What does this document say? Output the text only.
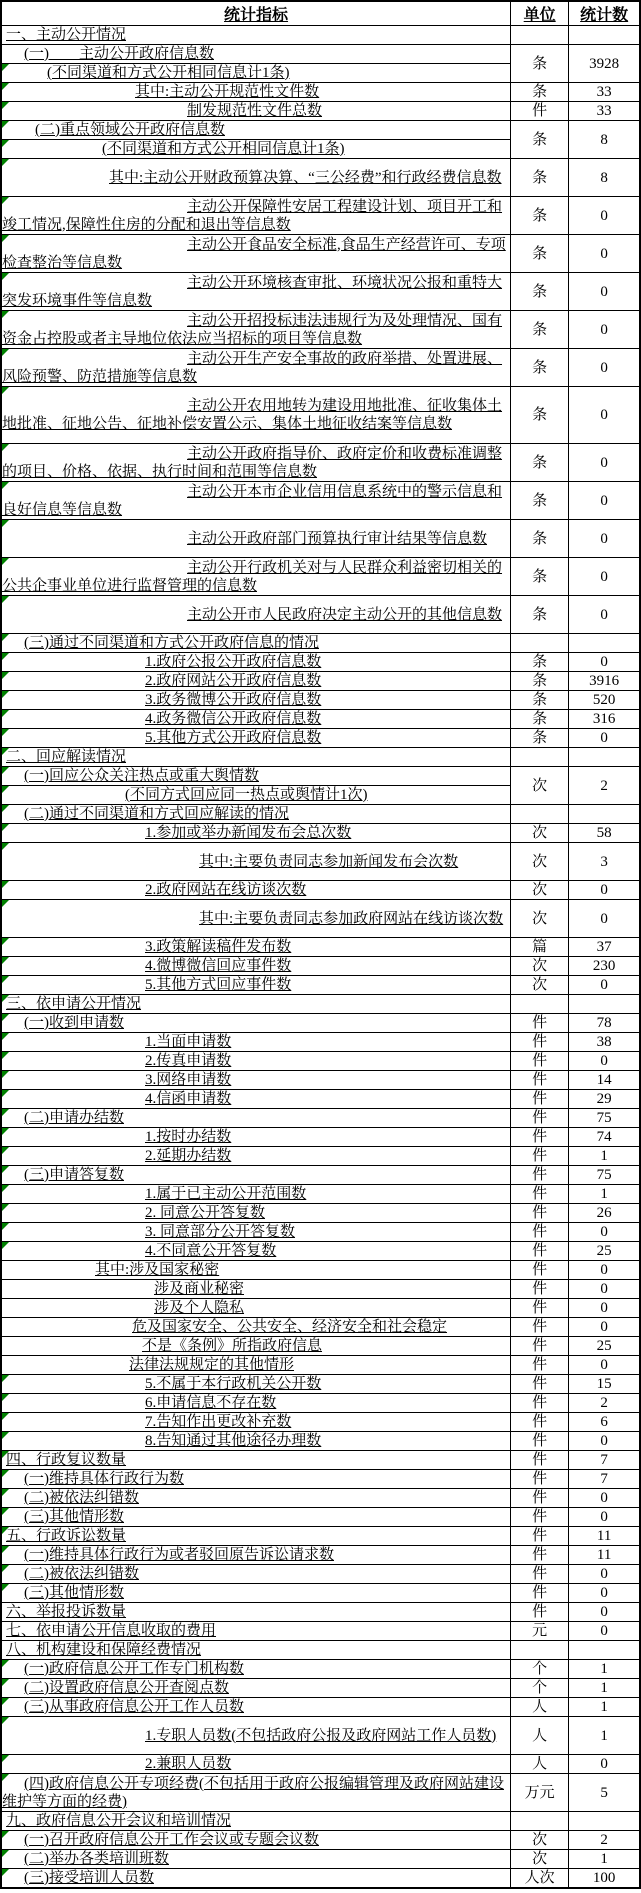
统计指标	单位	统计数

一、主动公开情况		

(一)　　主动公开政府信息数	条	3928

(不同渠道和方式公开相同信息计1条)		

其中:主动公开规范性文件数	条	33

制发规范性文件总数	件	33

(二)重点领域公开政府信息数	条	8

(不同渠道和方式公开相同信息计1条)		

其中:主动公开财政预算决算、“三公经费”和行政经费信息数	条	8

主动公开保障性安居工程建设计划、项目开工和竣工情况,保障性住房的分配和退出等信息数	条	0

主动公开食品安全标准,食品生产经营许可、专项检查整治等信息数	条	0

主动公开环境核查审批、环境状况公报和重特大突发环境事件等信息数	条	0

主动公开招投标违法违规行为及处理情况、国有资金占控股或者主导地位依法应当招标的项目等信息数	条	0

主动公开生产安全事故的政府举措、处置进展、风险预警、防范措施等信息数	条	0

主动公开农用地转为建设用地批准、征收集体土地批准、征地公告、征地补偿安置公示、集体土地征收结案等信息数	条	0

主动公开政府指导价、政府定价和收费标准调整的项目、价格、依据、执行时间和范围等信息数	条	0

主动公开本市企业信用信息系统中的警示信息和良好信息等信息数	条	0

主动公开政府部门预算执行审计结果等信息数	条	0

主动公开行政机关对与人民群众利益密切相关的公共企事业单位进行监督管理的信息数	条	0

主动公开市人民政府决定主动公开的其他信息数	条	0

(三)通过不同渠道和方式公开政府信息的情况		

1.政府公报公开政府信息数	条	0

2.政府网站公开政府信息数	条	3916

3.政务微博公开政府信息数	条	520

4.政务微信公开政府信息数	条	316

5.其他方式公开政府信息数	条	0

二、回应解读情况		

(一)回应公众关注热点或重大舆情数	次	2

(不同方式回应同一热点或舆情计1次)		

(二)通过不同渠道和方式回应解读的情况		

1.参加或举办新闻发布会总次数	次	58

其中:主要负责同志参加新闻发布会次数	次	3

2.政府网站在线访谈次数	次	0

其中:主要负责同志参加政府网站在线访谈次数	次	0

3.政策解读稿件发布数	篇	37

4.微博微信回应事件数	次	230

5.其他方式回应事件数	次	0

三、依申请公开情况		

(一)收到申请数	件	78

1.当面申请数	件	38

2.传真申请数	件	0

3.网络申请数	件	14

4.信函申请数	件	29

(二)申请办结数	件	75

1.按时办结数	件	74

2.延期办结数	件	1

(三)申请答复数	件	75

1.属于已主动公开范围数	件	1

2. 同意公开答复数	件	26

3. 同意部分公开答复数	件	0

4.不同意公开答复数	件	25

其中:涉及国家秘密	件	0

涉及商业秘密	件	0

涉及个人隐私	件	0

危及国家安全、公共安全、经济安全和社会稳定	件	0

不是《条例》所指政府信息	件	25

法律法规规定的其他情形	件	0

5.不属于本行政机关公开数	件	15

6.申请信息不存在数	件	2

7.告知作出更改补充数	件	6

8.告知通过其他途径办理数	件	0

四、行政复议数量	件	7

(一)维持具体行政行为数	件	7

(二)被依法纠错数	件	0

(三)其他情形数	件	0

五、行政诉讼数量	件	11

(一)维持具体行政行为或者驳回原告诉讼请求数	件	11

(二)被依法纠错数	件	0

(三)其他情形数	件	0

六、举报投诉数量	件	0

七、依申请公开信息收取的费用	元	0

八、机构建设和保障经费情况		

(一)政府信息公开工作专门机构数	个	1

(二)设置政府信息公开查阅点数	个	1

(三)从事政府信息公开工作人员数	人	1

1.专职人员数(不包括政府公报及政府网站工作人员数)	人	1

2.兼职人员数	人	0

(四)政府信息公开专项经费(不包括用于政府公报编辑管理及政府网站建设维护等方面的经费)	万元	5

九、政府信息公开会议和培训情况		

(一)召开政府信息公开工作会议或专题会议数	次	2

(二)举办各类培训班数	次	1

(三)接受培训人员数	人次	100
